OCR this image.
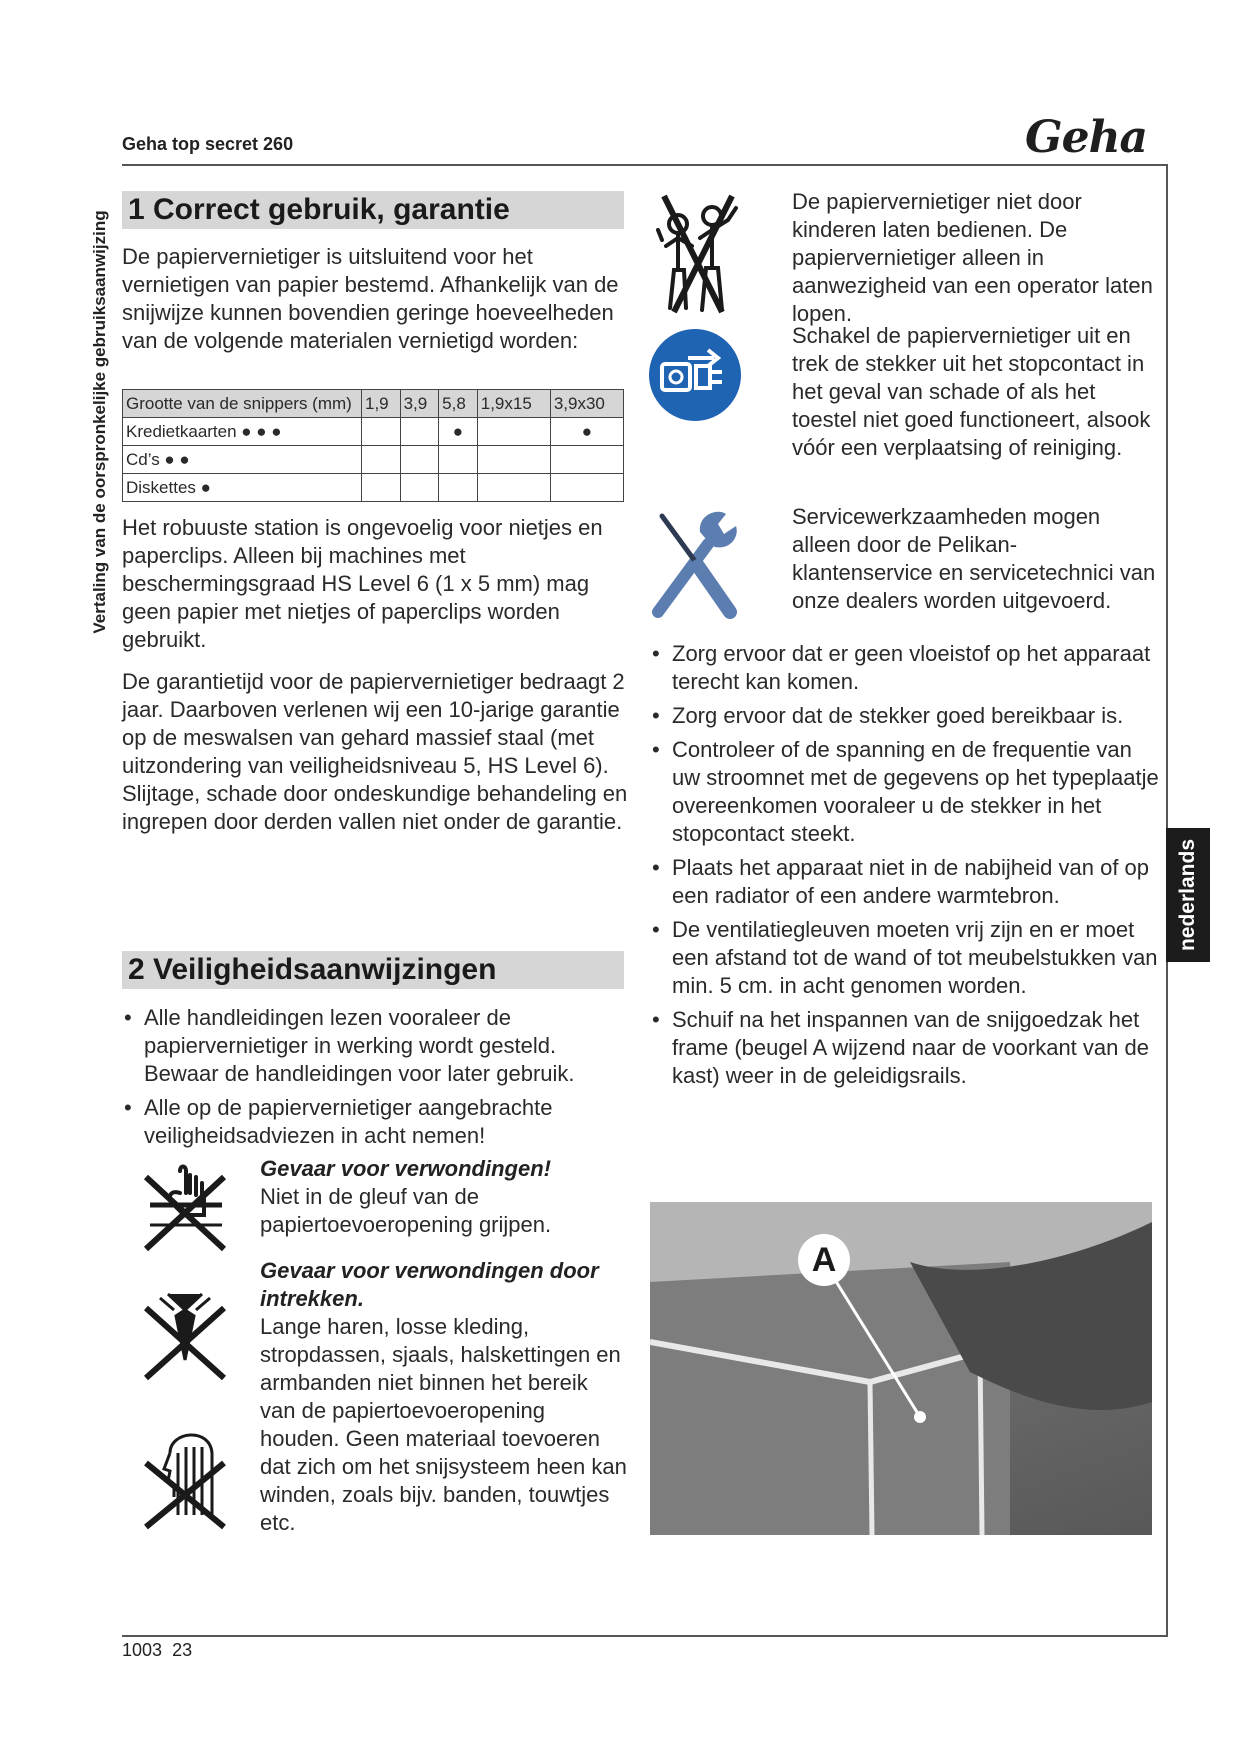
Geha top secret 260	Geha
Vertaling van de oorspronkelijke gebruiksaanwijzing
nederlands
1 Correct gebruik, garantie
De papiervernietiger is uitsluitend voor het vernietigen van papier bestemd. Afhankelijk van de snijwijze kunnen bovendien geringe hoeveelheden van de volgende materialen vernietigd worden:
Grootte van de snippers (mm)	1,9	3,9	5,8	1,9x15	3,9x30
Kredietkaarten ● ● ●			●		●
Cd’s ● ●					
Diskettes ●					
Het robuuste station is ongevoelig voor nietjes en paperclips. Alleen bij machines met beschermingsgraad HS Level 6 (1 x 5 mm) mag geen papier met nietjes of paperclips worden gebruikt.
De garantietijd voor de papiervernietiger bedraagt 2 jaar. Daarboven verlenen wij een 10-jarige garantie op de meswalsen van gehard massief staal (met uitzondering van veiligheidsniveau 5, HS Level 6). Slijtage, schade door ondeskundige behandeling en ingrepen door derden vallen niet onder de garantie.
2 Veiligheidsaanwijzingen
• Alle handleidingen lezen vooraleer de papiervernietiger in werking wordt gesteld. Bewaar de handleidingen voor later gebruik.
• Alle op de papiervernietiger aangebrachte veiligheidsadviezen in acht nemen!
Gevaar voor verwondingen!
Niet in de gleuf van de papiertoevoeropening grijpen.
Gevaar voor verwondingen door intrekken.
Lange haren, losse kleding, stropdassen, sjaals, halskettingen en armbanden niet binnen het bereik van de papiertoevoeropening houden. Geen materiaal toevoeren dat zich om het snijsysteem heen kan winden, zoals bijv. banden, touwtjes etc.
De papiervernietiger niet door kinderen laten bedienen. De papiervernietiger alleen in aanwezigheid van een operator laten lopen.
Schakel de papiervernietiger uit en trek de stekker uit het stopcontact in het geval van schade of als het toestel niet goed functioneert, alsook vóór een verplaatsing of reiniging.
Servicewerkzaamheden mogen alleen door de Pelikan-klantenservice en servicetechnici van onze dealers worden uitgevoerd.
• Zorg ervoor dat er geen vloeistof op het apparaat terecht kan komen.
• Zorg ervoor dat de stekker goed bereikbaar is.
• Controleer of de spanning en de frequentie van uw stroomnet met de gegevens op het typeplaatje overeenkomen vooraleer u de stekker in het stopcontact steekt.
• Plaats het apparaat niet in de nabijheid van of op een radiator of een andere warmtebron.
• De ventilatiegleuven moeten vrij zijn en er moet een afstand tot de wand of tot meubelstukken van min. 5 cm. in acht genomen worden.
• Schuif na het inspannen van de snijgoedzak het frame (beugel A wijzend naar de voorkant van de kast) weer in de geleidigsrails.
A
1003 23
